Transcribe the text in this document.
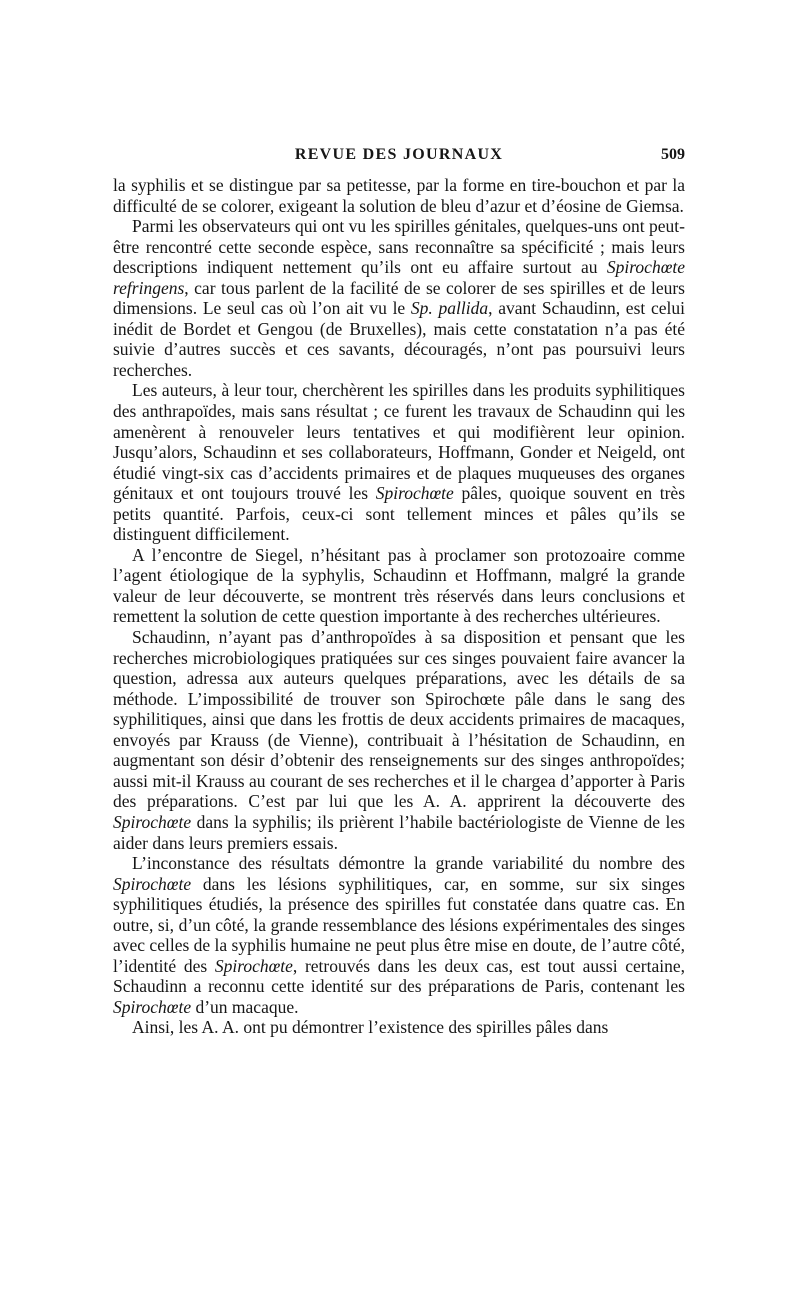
REVUE DES JOURNAUX	509

la syphilis et se distingue par sa petitesse, par la forme en tire-bouchon et par la difficulté de se colorer, exigeant la solution de bleu d’azur et d’éosine de Giemsa.

Parmi les observateurs qui ont vu les spirilles génitales, quelques-uns ont peut-être rencontré cette seconde espèce, sans reconnaître sa spécificité ; mais leurs descriptions indiquent nettement qu’ils ont eu affaire surtout au Spirochœte refringens, car tous parlent de la facilité de se colorer de ses spirilles et de leurs dimensions. Le seul cas où l’on ait vu le Sp. pallida, avant Schaudinn, est celui inédit de Bordet et Gengou (de Bruxelles), mais cette constatation n’a pas été suivie d’autres succès et ces savants, découragés, n’ont pas poursuivi leurs recherches.

Les auteurs, à leur tour, cherchèrent les spirilles dans les produits syphilitiques des anthrapoïdes, mais sans résultat ; ce furent les travaux de Schaudinn qui les amenèrent à renouveler leurs tentatives et qui modifièrent leur opinion. Jusqu’alors, Schaudinn et ses collaborateurs, Hoffmann, Gonder et Neigeld, ont étudié vingt-six cas d’accidents primaires et de plaques muqueuses des organes génitaux et ont toujours trouvé les Spirochœte pâles, quoique souvent en très petits quantité. Parfois, ceux-ci sont tellement minces et pâles qu’ils se distinguent difficilement.

A l’encontre de Siegel, n’hésitant pas à proclamer son protozoaire comme l’agent étiologique de la syphylis, Schaudinn et Hoffmann, malgré la grande valeur de leur découverte, se montrent très réservés dans leurs conclusions et remettent la solution de cette question importante à des recherches ultérieures.

Schaudinn, n’ayant pas d’anthropoïdes à sa disposition et pensant que les recherches microbiologiques pratiquées sur ces singes pouvaient faire avancer la question, adressa aux auteurs quelques préparations, avec les détails de sa méthode. L’impossibilité de trouver son Spirochœte pâle dans le sang des syphilitiques, ainsi que dans les frottis de deux accidents primaires de macaques, envoyés par Krauss (de Vienne), contribuait à l’hésitation de Schaudinn, en augmentant son désir d’obtenir des renseignements sur des singes anthropoïdes; aussi mit-il Krauss au courant de ses recherches et il le chargea d’apporter à Paris des préparations. C’est par lui que les A. A. apprirent la découverte des Spirochœte dans la syphilis; ils prièrent l’habile bactériologiste de Vienne de les aider dans leurs premiers essais.

L’inconstance des résultats démontre la grande variabilité du nombre des Spirochœte dans les lésions syphilitiques, car, en somme, sur six singes syphilitiques étudiés, la présence des spirilles fut constatée dans quatre cas. En outre, si, d’un côté, la grande ressemblance des lésions expérimentales des singes avec celles de la syphilis humaine ne peut plus être mise en doute, de l’autre côté, l’identité des Spirochœte, retrouvés dans les deux cas, est tout aussi certaine, Schaudinn a reconnu cette identité sur des préparations de Paris, contenant les Spirochœte d’un macaque.

Ainsi, les A. A. ont pu démontrer l’existence des spirilles pâles dans
